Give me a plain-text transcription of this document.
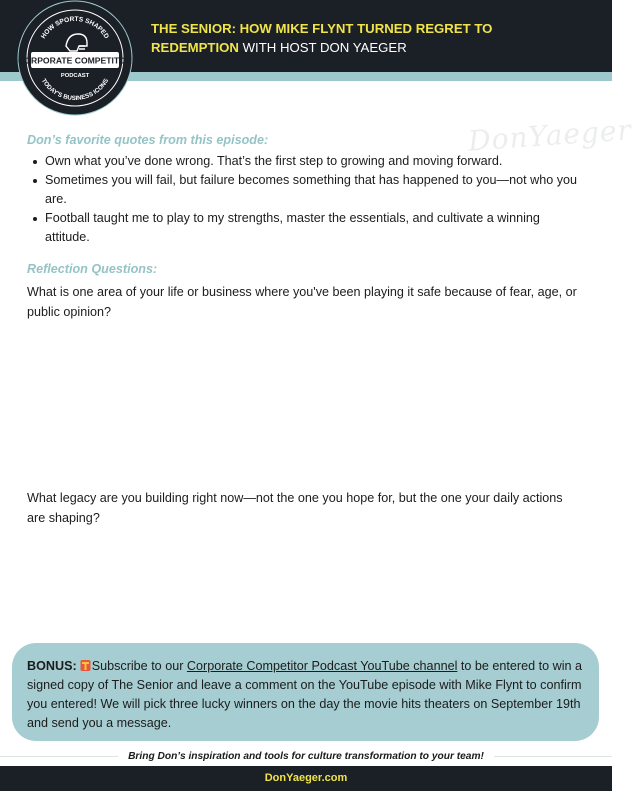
THE SENIOR: HOW MIKE FLYNT TURNED REGRET TO
REDEMPTION WITH HOST DON YAEGER
HOW SPORTS SHAPED
TODAY'S BUSINESS ICONS
CORPORATE COMPETITOR
PODCAST
DonYaeger
Don’s favorite quotes from this episode:
Own what you’ve done wrong. That’s the first step to growing and moving forward.
Sometimes you will fail, but failure becomes something that has happened to you—not who you are.
Football taught me to play to my strengths, master the essentials, and cultivate a winning attitude.
Reflection Questions:
What is one area of your life or business where you've been playing it safe because of fear, age, or public opinion?
What legacy are you building right now—not the one you hope for, but the one your daily actions are shaping?
BONUS: Subscribe to our Corporate Competitor Podcast YouTube channel to be entered to win a signed copy of The Senior and leave a comment on the YouTube episode with Mike Flynt to confirm you entered! We will pick three lucky winners on the day the movie hits theaters on September 19th and send you a message.
Bring Don’s inspiration and tools for culture transformation to your team!
DonYaeger.com
